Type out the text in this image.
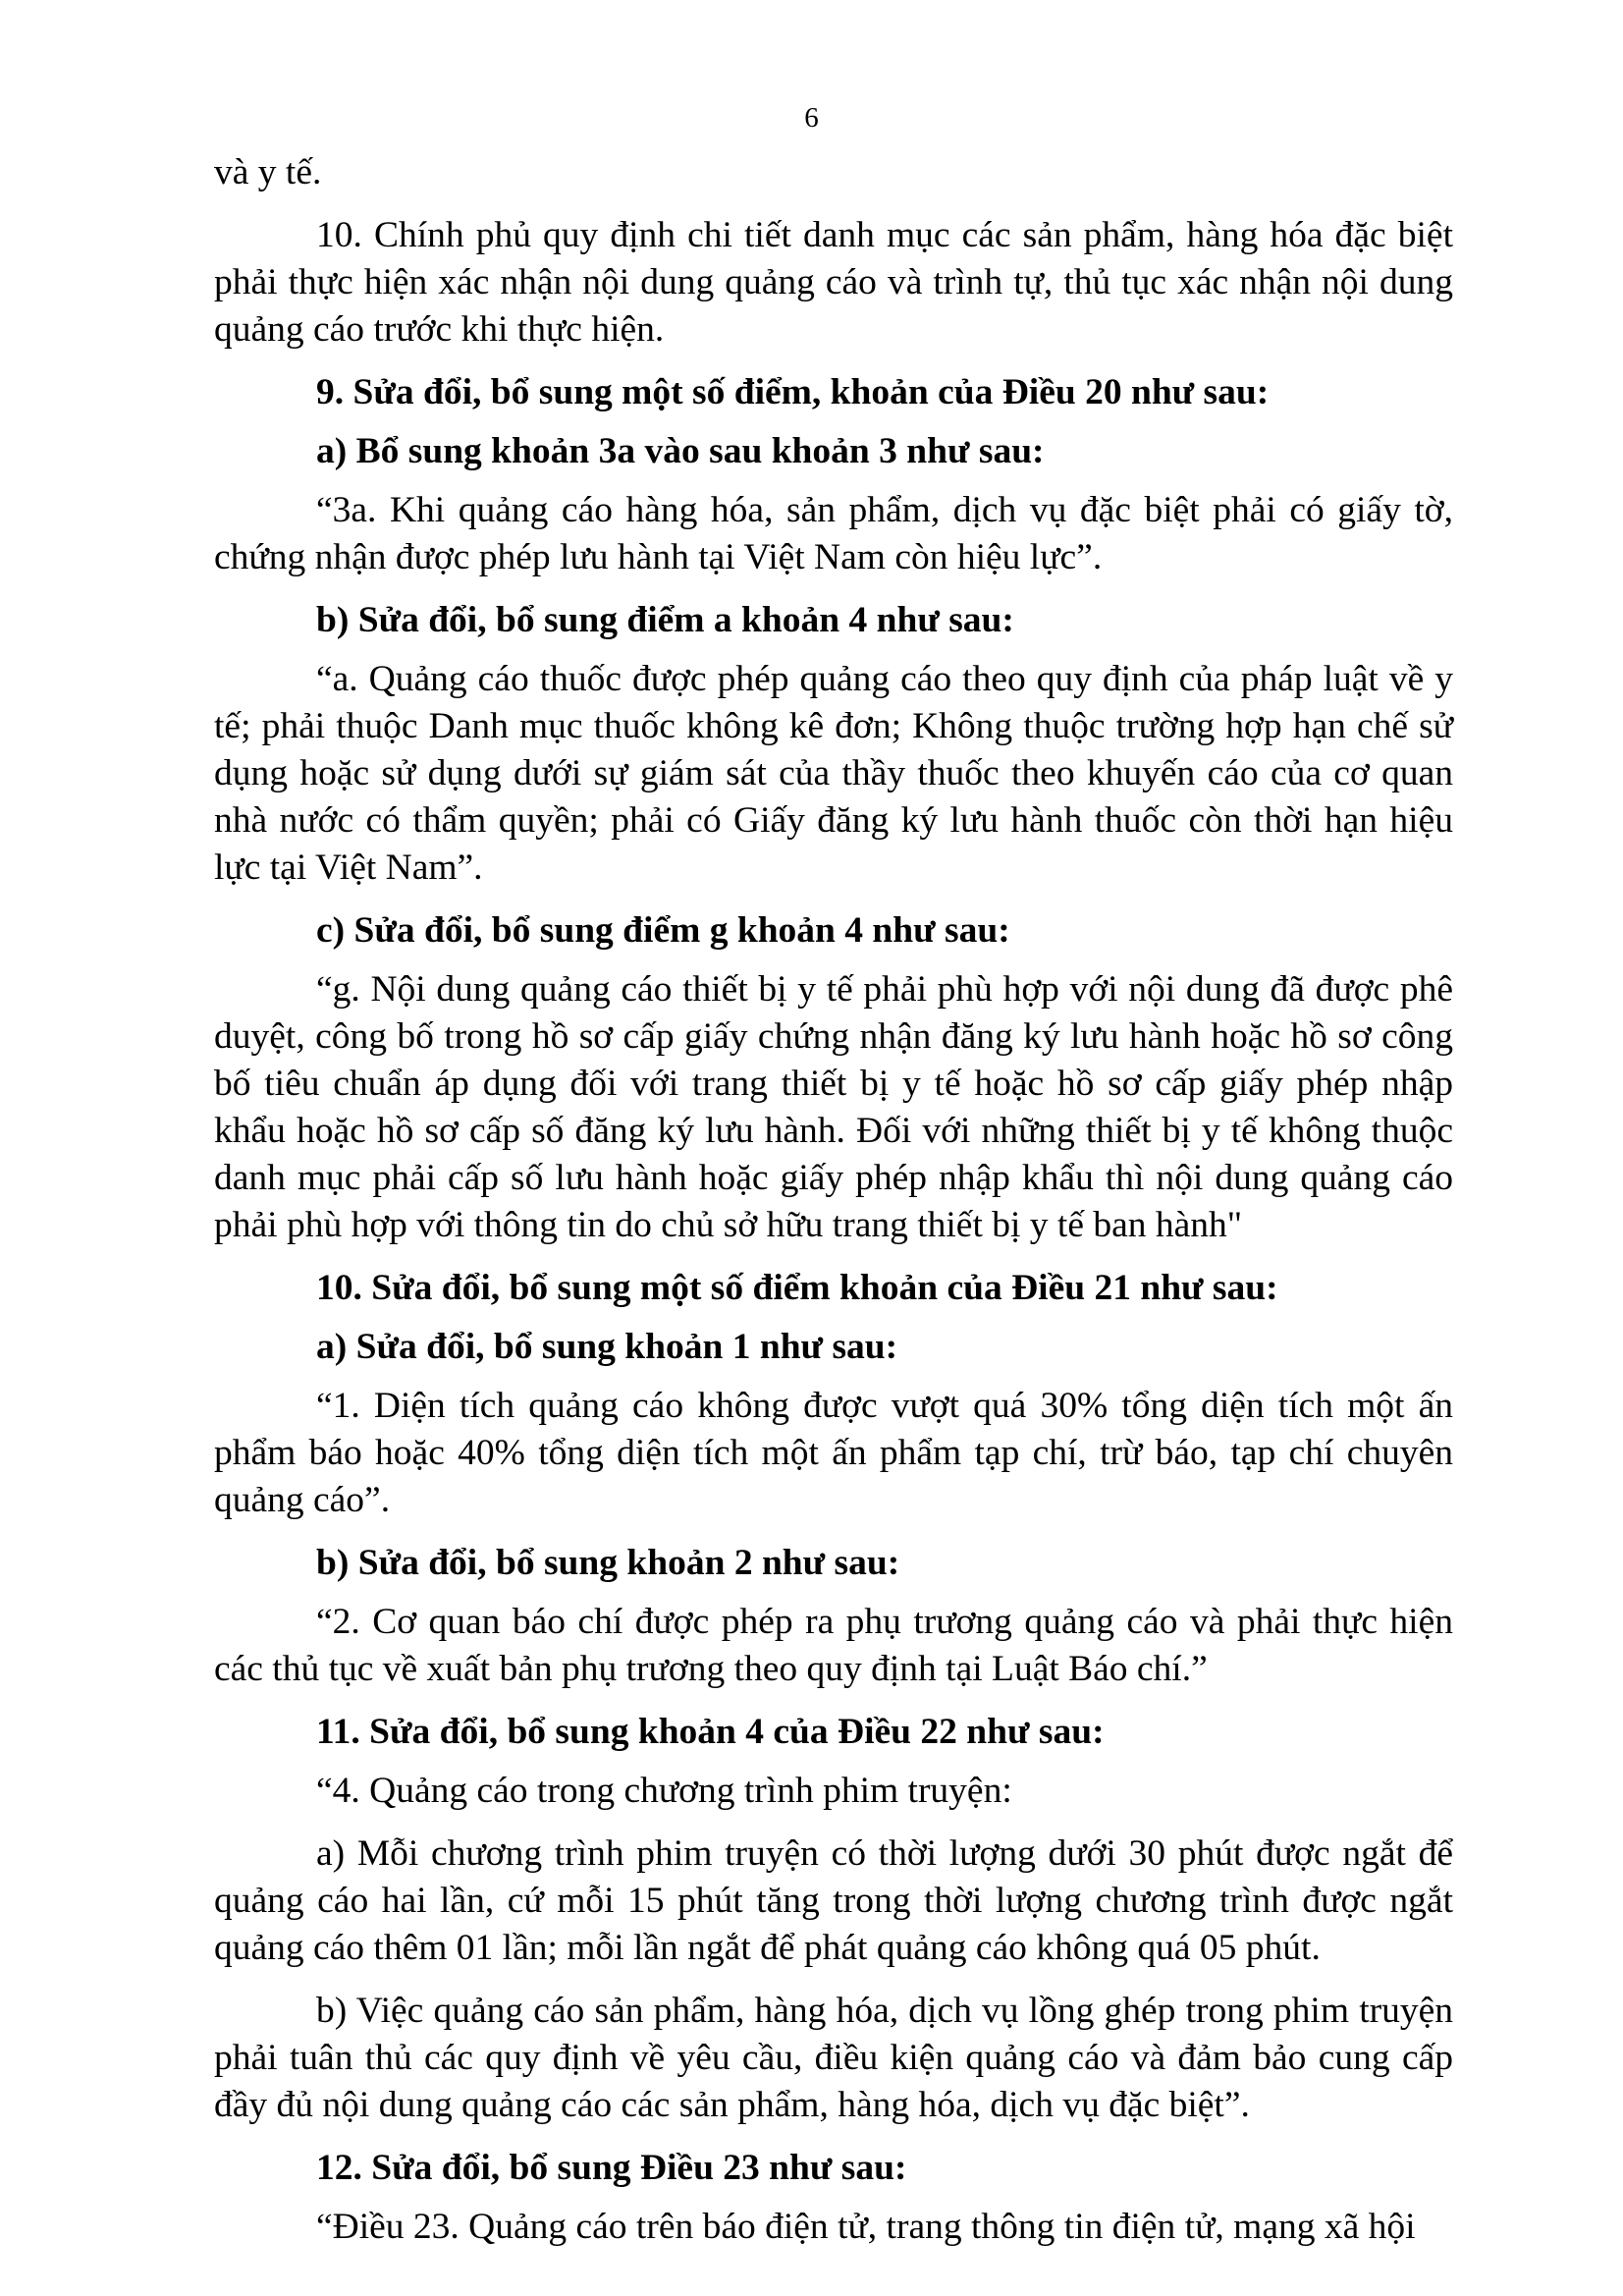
6

và y tế.

10. Chính phủ quy định chi tiết danh mục các sản phẩm, hàng hóa đặc biệt phải thực hiện xác nhận nội dung quảng cáo và trình tự, thủ tục xác nhận nội dung quảng cáo trước khi thực hiện.

9. Sửa đổi, bổ sung một số điểm, khoản của Điều 20 như sau:

a) Bổ sung khoản 3a vào sau khoản 3 như sau:

“3a. Khi quảng cáo hàng hóa, sản phẩm, dịch vụ đặc biệt phải có giấy tờ, chứng nhận được phép lưu hành tại Việt Nam còn hiệu lực”.

b) Sửa đổi, bổ sung điểm a khoản 4 như sau:

“a. Quảng cáo thuốc được phép quảng cáo theo quy định của pháp luật về y tế; phải thuộc Danh mục thuốc không kê đơn; Không thuộc trường hợp hạn chế sử dụng hoặc sử dụng dưới sự giám sát của thầy thuốc theo khuyến cáo của cơ quan nhà nước có thẩm quyền; phải có Giấy đăng ký lưu hành thuốc còn thời hạn hiệu lực tại Việt Nam”.

c) Sửa đổi, bổ sung điểm g khoản 4 như sau:

“g. Nội dung quảng cáo thiết bị y tế phải phù hợp với nội dung đã được phê duyệt, công bố trong hồ sơ cấp giấy chứng nhận đăng ký lưu hành hoặc hồ sơ công bố tiêu chuẩn áp dụng đối với trang thiết bị y tế hoặc hồ sơ cấp giấy phép nhập khẩu hoặc hồ sơ cấp số đăng ký lưu hành. Đối với những thiết bị y tế không thuộc danh mục phải cấp số lưu hành hoặc giấy phép nhập khẩu thì nội dung quảng cáo phải phù hợp với thông tin do chủ sở hữu trang thiết bị y tế ban hành"

10. Sửa đổi, bổ sung một số điểm khoản của Điều 21 như sau:

a) Sửa đổi, bổ sung khoản 1 như sau:

“1. Diện tích quảng cáo không được vượt quá 30% tổng diện tích một ấn phẩm báo hoặc 40% tổng diện tích một ấn phẩm tạp chí, trừ báo, tạp chí chuyên quảng cáo”.

b) Sửa đổi, bổ sung khoản 2 như sau:

“2. Cơ quan báo chí được phép ra phụ trương quảng cáo và phải thực hiện các thủ tục về xuất bản phụ trương theo quy định tại Luật Báo chí.”

11. Sửa đổi, bổ sung khoản 4 của Điều 22 như sau:

“4. Quảng cáo trong chương trình phim truyện:

a) Mỗi chương trình phim truyện có thời lượng dưới 30 phút được ngắt để quảng cáo hai lần, cứ mỗi 15 phút tăng trong thời lượng chương trình được ngắt quảng cáo thêm 01 lần; mỗi lần ngắt để phát quảng cáo không quá 05 phút.

b) Việc quảng cáo sản phẩm, hàng hóa, dịch vụ lồng ghép trong phim truyện phải tuân thủ các quy định về yêu cầu, điều kiện quảng cáo và đảm bảo cung cấp đầy đủ nội dung quảng cáo các sản phẩm, hàng hóa, dịch vụ đặc biệt”.

12. Sửa đổi, bổ sung Điều 23 như sau:

“Điều 23. Quảng cáo trên báo điện tử, trang thông tin điện tử, mạng xã hội
